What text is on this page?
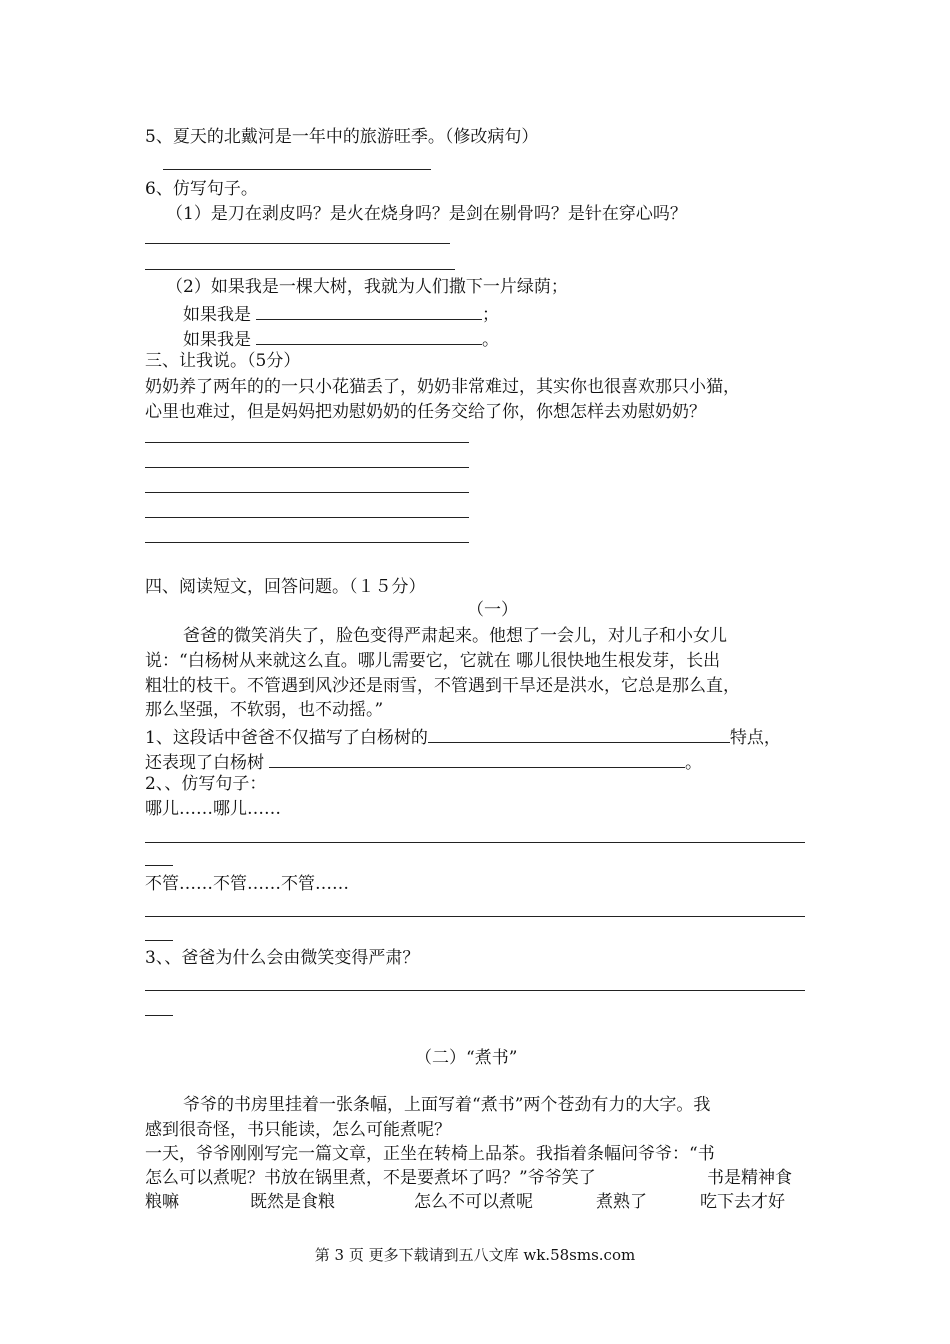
5、夏天的北戴河是一年中的旅游旺季。（修改病句）
6、仿写句子。
（1）是刀在剥皮吗？是火在烧身吗？是剑在剔骨吗？是针在穿心吗？
（2）如果我是一棵大树，我就为人们撒下一片绿荫；
如果我是	；
如果我是	。
三、让我说。（5分）
奶奶养了两年的的一只小花猫丢了，奶奶非常难过，其实你也很喜欢那只小猫，
心里也难过，但是妈妈把劝慰奶奶的任务交给了你，你想怎样去劝慰奶奶？
四、阅读短文，回答问题。（１５分）
（一）
爸爸的微笑消失了，脸色变得严肃起来。他想了一会儿，对儿子和小女儿
说：“白杨树从来就这么直。哪儿需要它，它就在 哪儿很快地生根发芽，长出
粗壮的枝干。不管遇到风沙还是雨雪，不管遇到干旱还是洪水，它总是那么直，
那么坚强，不软弱，也不动摇。”
1、这段话中爸爸不仅描写了白杨树的	特点，
还表现了白杨树	。
2、、仿写句子：
哪儿……哪儿……
不管……不管……不管……
3、、爸爸为什么会由微笑变得严肃？
（二）“煮书”
爷爷的书房里挂着一张条幅，上面写着“煮书”两个苍劲有力的大字。我
感到很奇怪，书只能读，怎么可能煮呢？
一天，爷爷刚刚写完一篇文章，正坐在转椅上品茶。我指着条幅问爷爷：“书
怎么可以煮呢？书放在锅里煮，不是要煮坏了吗？”爷爷笑了	书是精神食
粮嘛	既然是食粮	怎么不可以煮呢	煮熟了	吃下去才好
第 3 页 更多下载请到五八文库 wk.58sms.com
